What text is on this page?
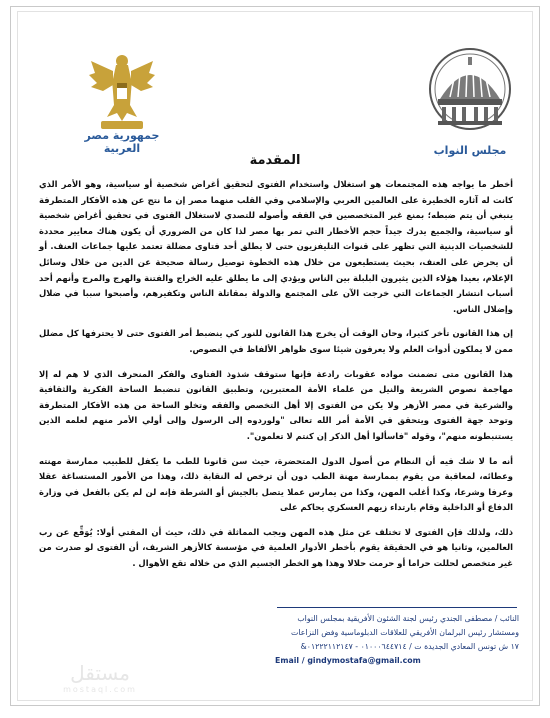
جمهورية مصر العربية	مجلس النواب
المقدمة

أخطر ما يواجه هذه المجتمعات هو استغلال واستخدام الفتوى لتحقيق أغراض شخصية أو سياسية، وهو الأمر الذي كانت له آثاره الخطيرة على العالمين العربي والإسلامي وفي القلب منهما مصر إن ما نتج عن هذه الأفكار المتطرفة ينبغي أن يتم ضبطه؛ بمنع غير المتخصصين في الفقه وأصوله للتصدي لاستغلال الفتوى في تحقيق أغراض شخصية أو سياسية، والجميع يدرك جيداً حجم الأخطار التي تمر بها مصر لذا كان من الضروري أن يكون هناك معايير محددة للشخصيات الدينية التي تظهر على قنوات التليفزيون حتى لا يطلق أحد فتاوى مضللة تعتمد عليها جماعات العنف. أو أن يحرض على العنف، بحيث يستطيعون من خلال هذه الخطوة توصيل رسالة صحيحة عن الدين من خلال وسائل الإعلام، بعيدا هؤلاء الذين يثيرون البلبلة بين الناس ويؤدي إلى ما يطلق عليه الخراج والفتنة والهرج والمرج وأنهم أحد أسباب انتشار الجماعات التي خرجت الآن على المجتمع والدولة بمقاتلة الناس وتكفيرهم، وأصبحوا سببا في ضلال وإضلال الناس.

إن هذا القانون تأخر كثيرا، وحان الوقت أن يخرج هذا القانون للنور كي ينضبط أمر الفتوى حتى لا يحترفها كل مضلل ممن لا يملكون أدوات العلم ولا يعرفون شيئا سوى ظواهر الألفاظ في النصوص.

هذا القانون متى تضمنت مواده عقوبات رادعة فإنها ستوقف شذوذ الفتاوى والفكر المنحرف الذي لا هم له إلا مهاجمة نصوص الشريعة والنيل من علماء الأمة المعتبرين، وتطبيق القانون تنضبط الساحة الفكرية والثقافية والشرعية في مصر الأزهر ولا يكن من الفتوى إلا أهل التخصص والفقه وتخلو الساحة من هذه الأفكار المتطرفة وتوحد جهة الفتوى ويتحقق في الأمة أمر الله تعالى "ولوردوه إلى الرسول وإلى أولي الأمر منهم لعلمه الذين يستنبطونه منهم"، وقوله "فاسألوا أهل الذكر إن كنتم لا تعلمون".

أنه ما لا شك فيه أن النظام من أصول الدول المتحضرة، حيث سن قانونا للطب ما يكفل للطبيب ممارسة مهنته وعطائه، لمعاقبة من يقوم بممارسة مهنة الطب دون أن ترخص له النقابة ذلك، وهذا من الأمور المستساغة عقلا وعرفا وشرعا، وكذا أغلب المهن، وكذا من يمارس عملا يتصل بالجيش أو الشرطة فإنه لن لم يكن بالفعل في وزارة الدفاع أو الداخلية وقام بارتداء زيهم العسكري يحاكم على

ذلك، ولذلك فإن الفتوى لا تختلف عن مثل هذه المهن ويجب المماثلة في ذلك، حيث أن المفتي أولا: يُوَقِّع عن رب العالمين، وثانيا هو في الحقيقة يقوم بأخطر الأدوار العلمية في مؤسسة كالأزهر الشريف، أن الفتوى لو صدرت من غير متخصص لحللت حراما أو حرمت حلالا وهذا هو الخطر الجسيم الذي من خلاله تقع الأهوال .

النائب / مصطفى الجندي رئيس لجنة الشئون الأفريقية بمجلس النواب
ومستشار رئيس البرلمان الأفريقي للعلاقات الدبلوماسية وفض النزاعات
١٧ ش تونس المعادي الجديدة ت / ٠١٠٠٠٦٤٤٧١٤ - ٠١٢٢٢١١٢١٤٧&
Email / gindymostafa@gmail.com
مستقل
mostaql.com
